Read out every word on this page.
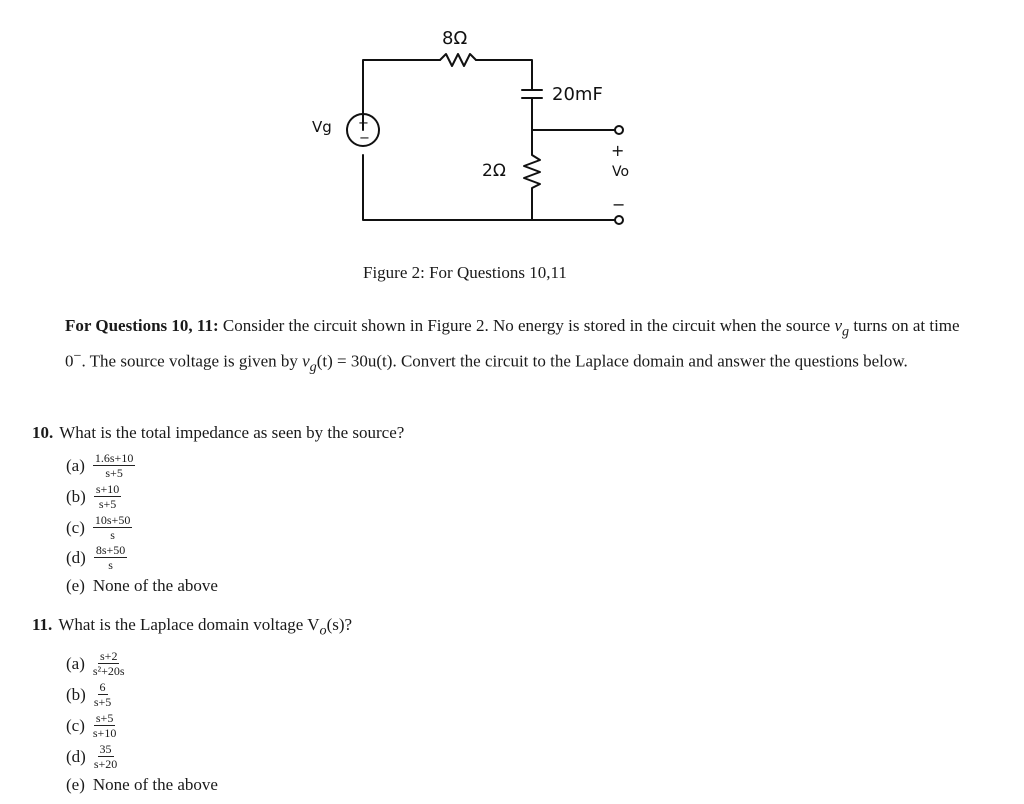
+
−
8Ω
20mF
2Ω
Vg
+
Vo
−
Figure 2: For Questions 10,11
For Questions 10, 11: Consider the circuit shown in Figure 2. No energy is stored in the circuit when the source $v_g$ turns on at time 0−. The source voltage is given by $v_g(t) = 30u(t)$. Convert the circuit to the Laplace domain and answer the questions below.
10. What is the total impedance as seen by the source?
$(a) \frac{1.6s+10}{s+5}$
$(b) \frac{s+10}{s+5}$
$(c) \frac{10s+50}{s}$
$(d) \frac{8s+50}{s}$
(e) None of the above
11. What is the Laplace domain voltage $V_o(s)$?
$(a) \frac{s+2}{\text{s²+20s}}$
$(b) \frac{6}{s+5}$
$(c) \frac{s+5}{s+10}$
$(d) \frac{35}{s+20}$
(e) None of the above
